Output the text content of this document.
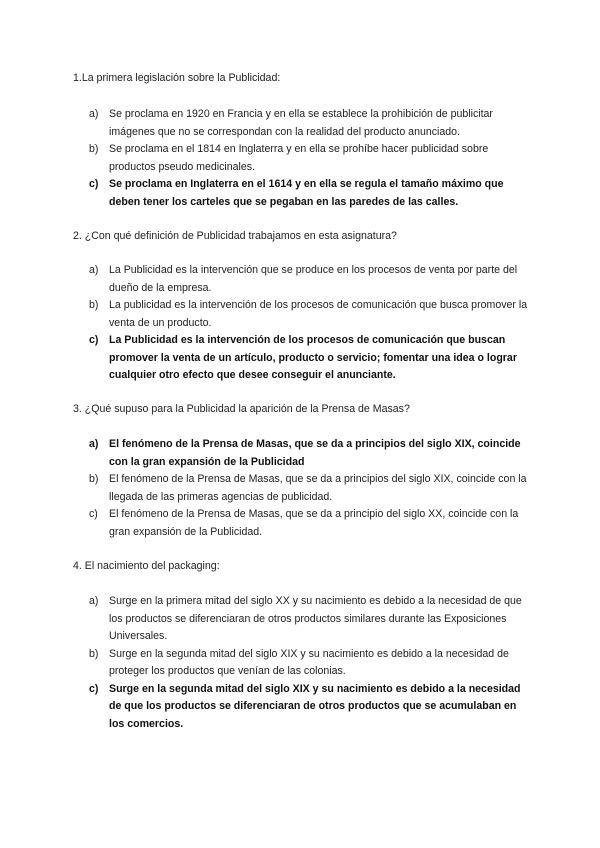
1.La primera legislación sobre la Publicidad:

a) Se proclama en 1920 en Francia y en ella se establece la prohibición de publicitar imágenes que no se correspondan con la realidad del producto anunciado.
b) Se proclama en el 1814 en Inglaterra y en ella se prohíbe hacer publicidad sobre productos pseudo medicinales.
c) Se proclama en Inglaterra en el 1614 y en ella se regula el tamaño máximo que deben tener los carteles que se pegaban en las paredes de las calles.

2. ¿Con qué definición de Publicidad trabajamos en esta asignatura?

a) La Publicidad es la intervención que se produce en los procesos de venta por parte del dueño de la empresa.
b) La publicidad es la intervención de los procesos de comunicación que busca promover la venta de un producto.
c) La Publicidad es la intervención de los procesos de comunicación que buscan promover la venta de un artículo, producto o servicio; fomentar una idea o lograr cualquier otro efecto que desee conseguir el anunciante.

3. ¿Qué supuso para la Publicidad la aparición de la Prensa de Masas?

a) El fenómeno de la Prensa de Masas, que se da a principios del siglo XIX, coincide con la gran expansión de la Publicidad
b) El fenómeno de la Prensa de Masas, que se da a principios del siglo XIX, coincide con la llegada de las primeras agencias de publicidad.
c)	El fenómeno de la Prensa de Masas, que se da a principio del siglo XX, coincide con la gran expansión de la Publicidad.

4. El nacimiento del packaging:

a) Surge en la primera mitad del siglo XX y su nacimiento es debido a la necesidad de que los productos se diferenciaran de otros productos similares durante las Exposiciones Universales.
b) Surge en la segunda mitad del siglo XIX y su nacimiento es debido a la necesidad de proteger los productos que venían de las colonias.
c) Surge en la segunda mitad del siglo XIX y su nacimiento es debido a la necesidad de que los productos se diferenciaran de otros productos que se acumulaban en los comercios.
